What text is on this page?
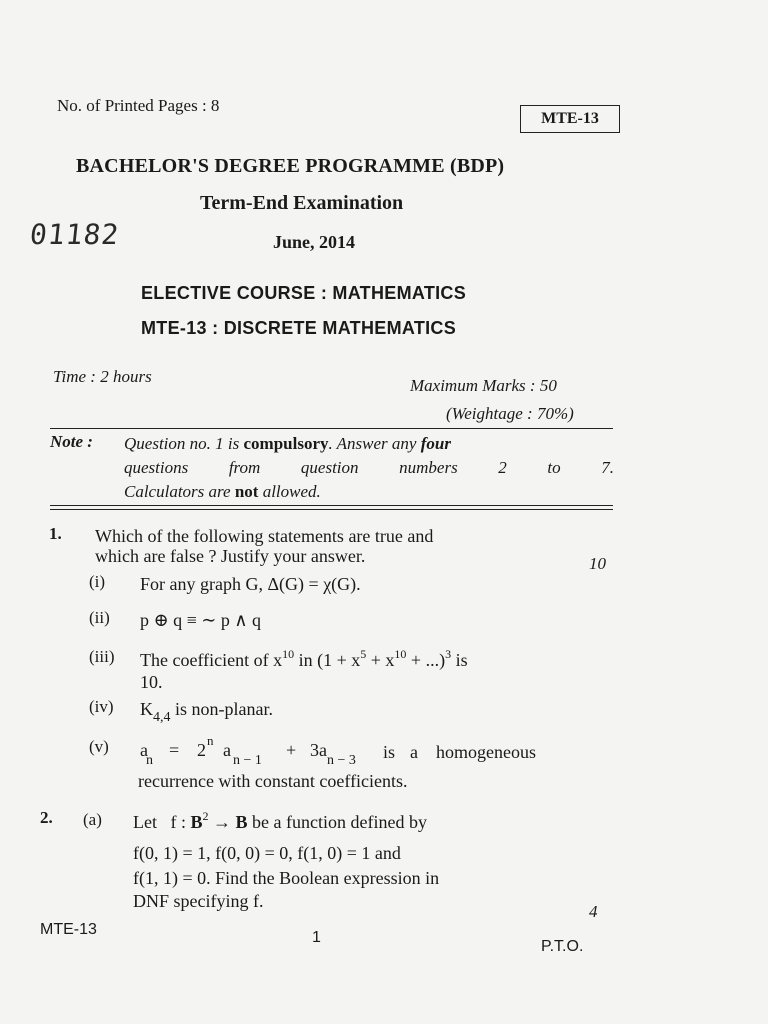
No. of Printed Pages : 8
MTE-13
BACHELOR'S DEGREE PROGRAMME (BDP)
Term-End Examination
01182	June, 2014
ELECTIVE COURSE : MATHEMATICS
MTE-13 : DISCRETE MATHEMATICS
Time : 2 hours	Maximum Marks : 50
(Weightage : 70%)
Note : Question no. 1 is compulsory. Answer any four
questions from question numbers 2 to 7.
Calculators are not allowed.
1. Which of the following statements are true and
which are false ? Justify your answer.	10
(i) For any graph G, Δ(G) = χ(G).
(ii) p ⊕ q ≡ ∼ p ∧ q
(iii) The coefficient of $x^{10}$ in $(1 + x^5 + x^{10} + ...)^3$ is
10.
(iv) $K_{4,4}$ is non-planar.
(v) a
n
= 2 n a
n − 1
+ 3a
n − 3 is a homogeneous
recurrence with constant coefficients.
2. (a) Let f : $B^2 \to B$ be a function defined by
f(0, 1) = 1, f(0, 0) = 0, f(1, 0) = 1 and
f(1, 1) = 0. Find the Boolean expression in
DNF specifying f.
4
MTE-13	1
P.T.O.
